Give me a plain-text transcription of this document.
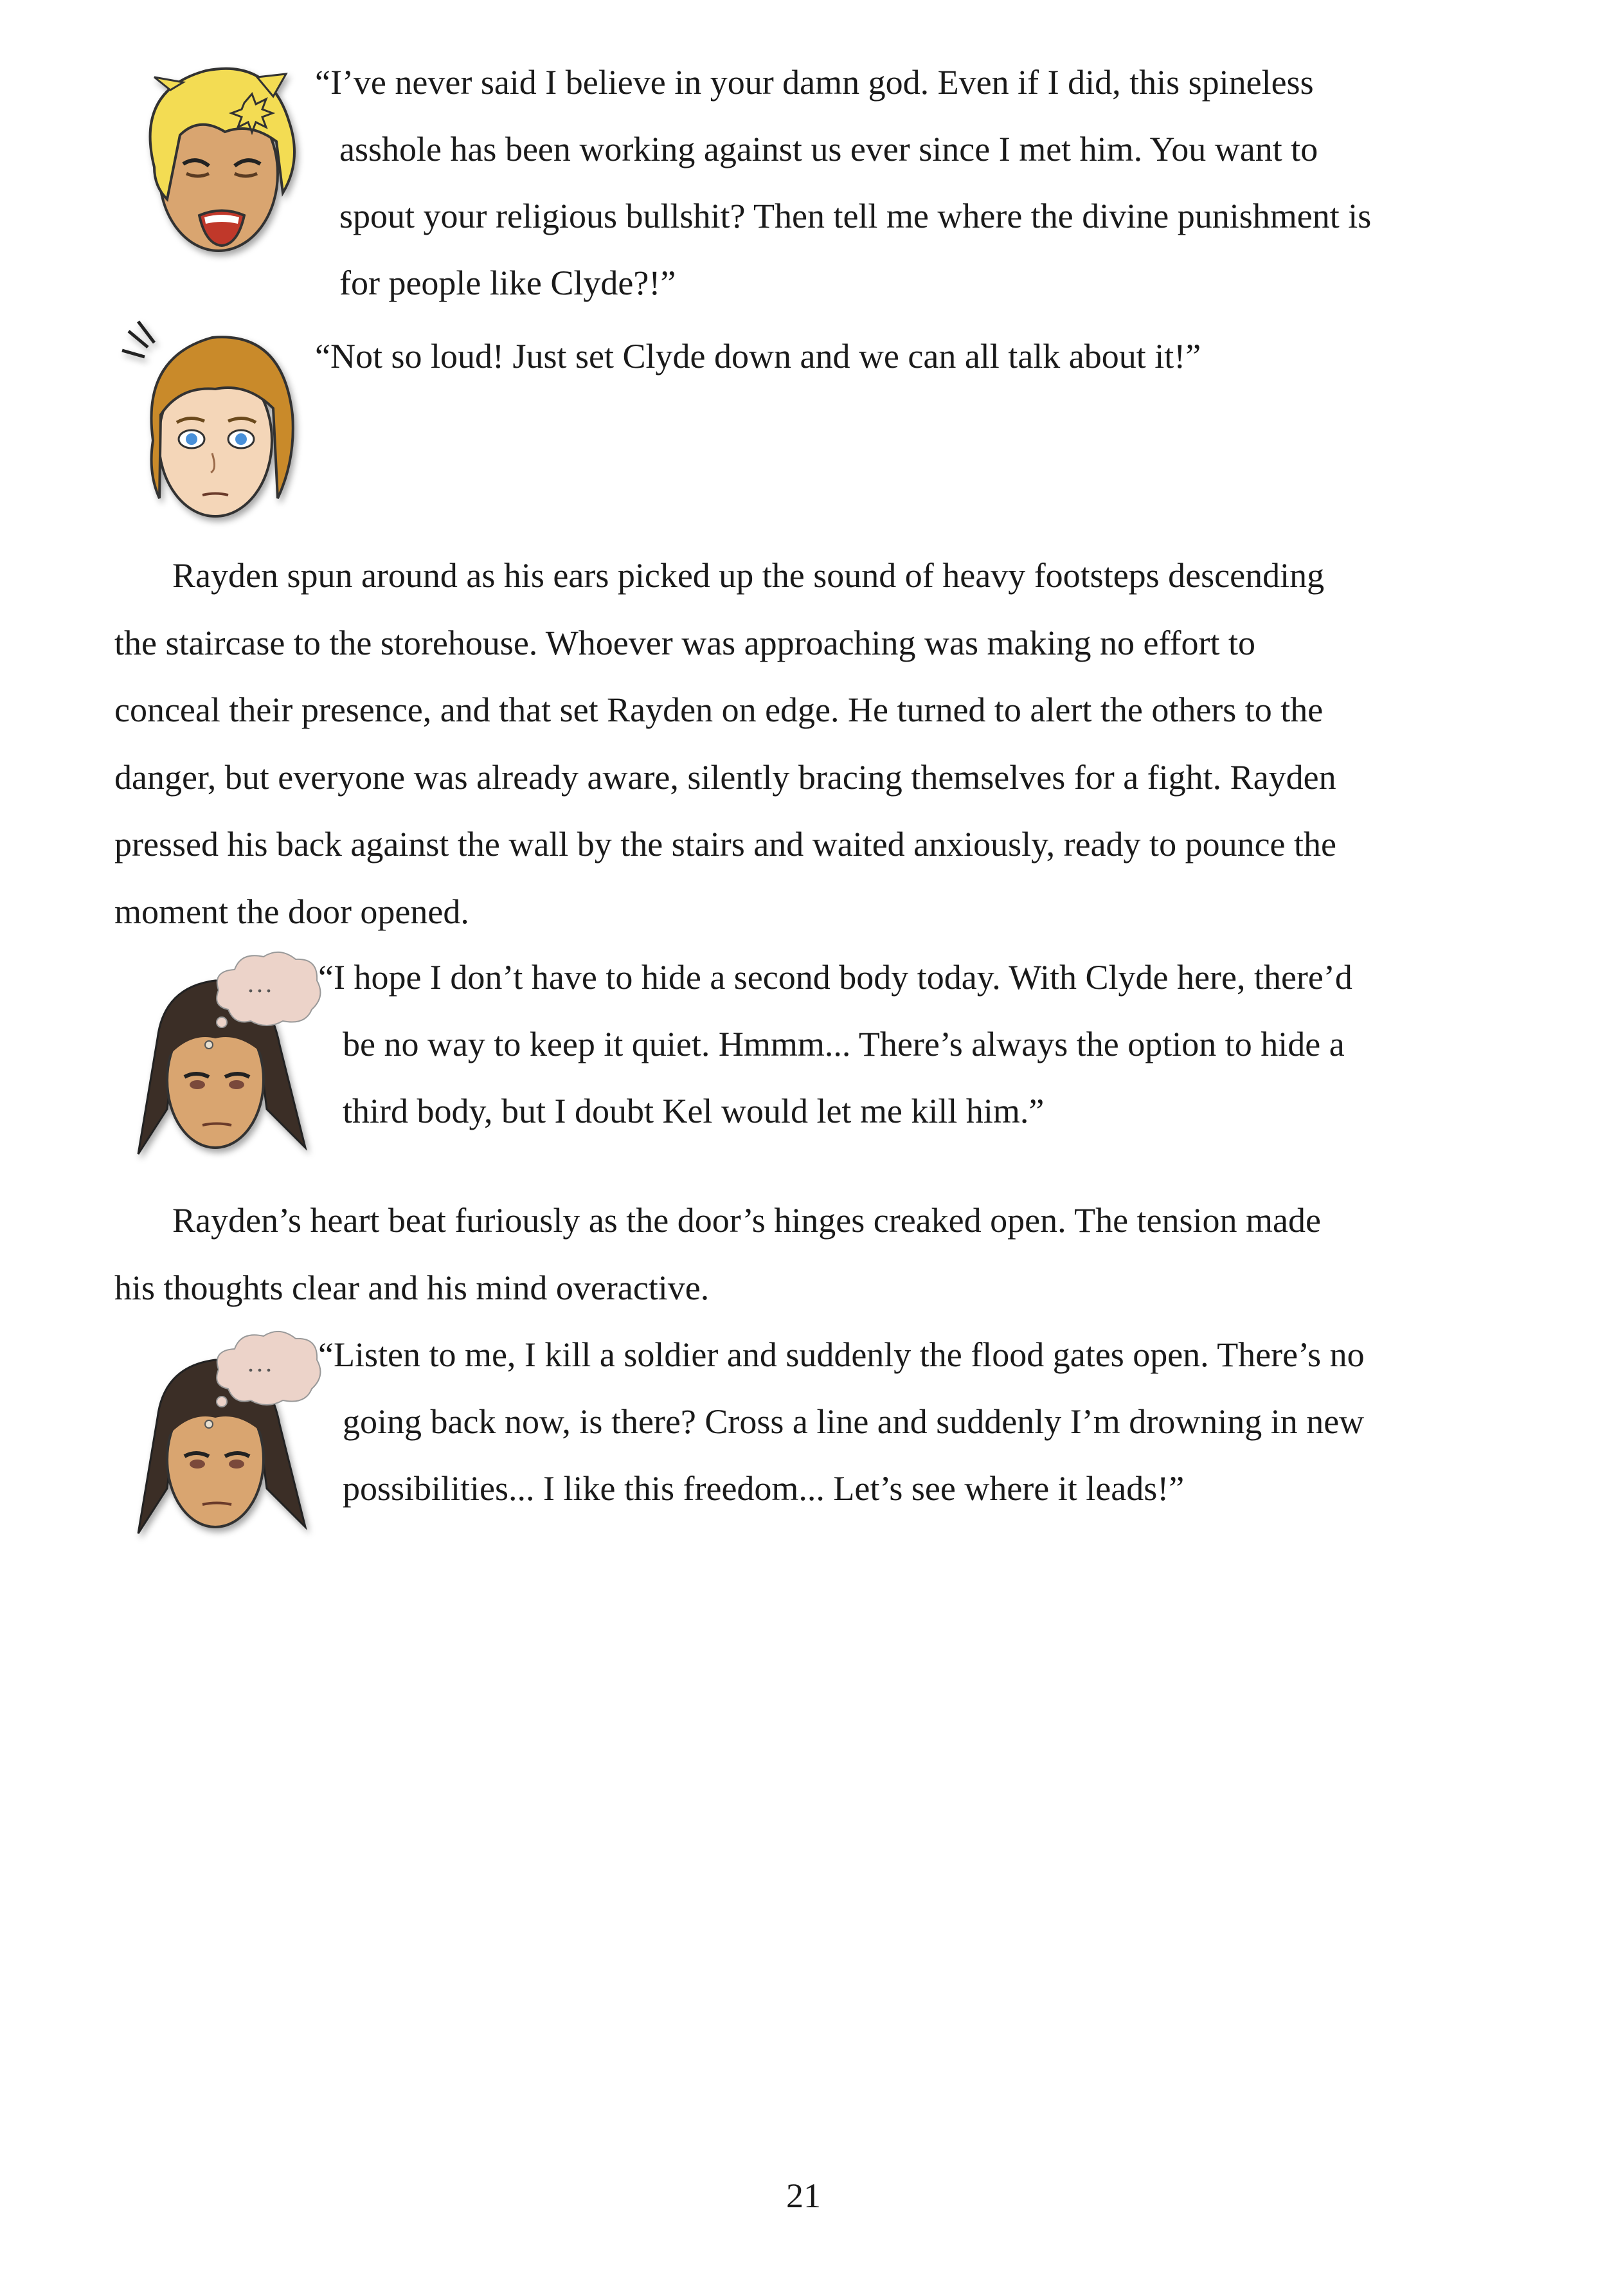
“I’ve never said I believe in your damn god. Even if I did, this spineless
asshole has been working against us ever since I met him. You want to
spout your religious bullshit? Then tell me where the divine punishment is
for people like Clyde?!”
“Not so loud! Just set Clyde down and we can all talk about it!”
Rayden spun around as his ears picked up the sound of heavy footsteps descending
the staircase to the storehouse. Whoever was approaching was making no effort to
conceal their presence, and that set Rayden on edge. He turned to alert the others to the
danger, but everyone was already aware, silently bracing themselves for a fight. Rayden
pressed his back against the wall by the stairs and waited anxiously, ready to pounce the
moment the door opened.
... “I hope I don’t have to hide a second body today. With Clyde here, there’d
be no way to keep it quiet. Hmmm... There’s always the option to hide a
third body, but I doubt Kel would let me kill him.”
Rayden’s heart beat furiously as the door’s hinges creaked open. The tension made
his thoughts clear and his mind overactive.
... “Listen to me, I kill a soldier and suddenly the flood gates open. There’s no
going back now, is there? Cross a line and suddenly I’m drowning in new
possibilities... I like this freedom... Let’s see where it leads!”
21
